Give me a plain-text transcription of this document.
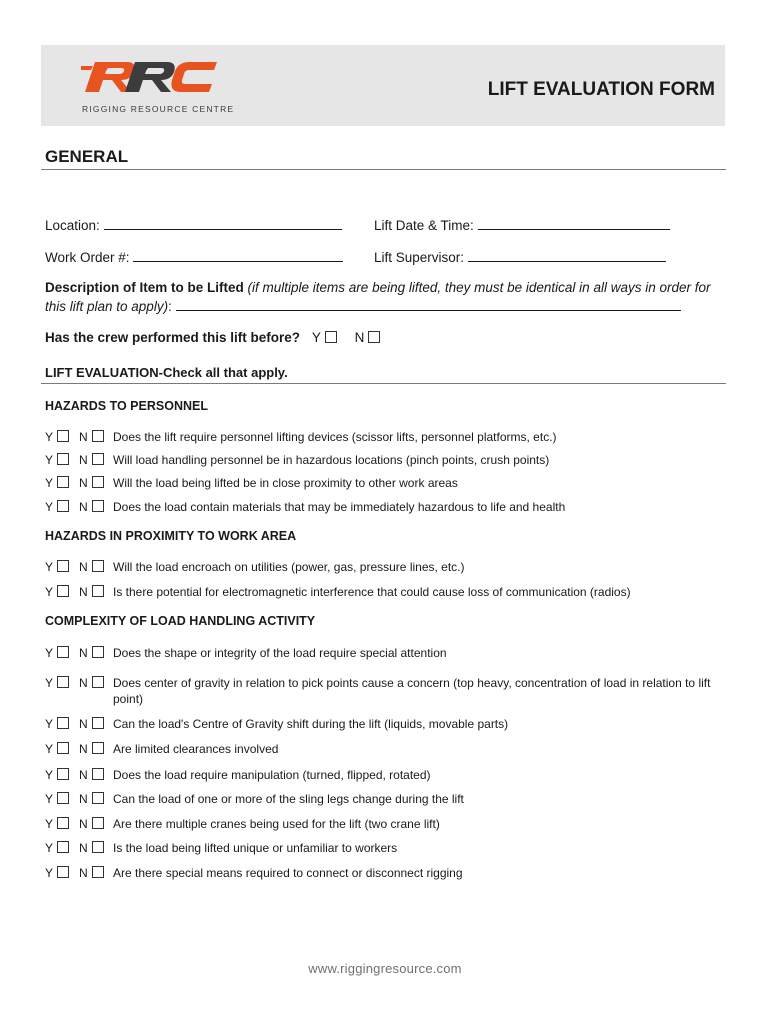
RIGGING RESOURCE CENTRE
LIFT EVALUATION FORM
GENERAL
Location:	Lift Date & Time:
Work Order #:	Lift Supervisor:
Description of Item to be Lifted (if multiple items are being lifted, they must be identical in all ways in order for this lift plan to apply):
Has the crew performed this lift before? Y	N
LIFT EVALUATION-Check all that apply.
HAZARDS TO PERSONNEL
Y N	Does the lift require personnel lifting devices (scissor lifts, personnel platforms, etc.)
Y N	Will load handling personnel be in hazardous locations (pinch points, crush points)
Y N	Will the load being lifted be in close proximity to other work areas
Y N	Does the load contain materials that may be immediately hazardous to life and health
HAZARDS IN PROXIMITY TO WORK AREA
Y N	Will the load encroach on utilities (power, gas, pressure lines, etc.)
Y N	Is there potential for electromagnetic interference that could cause loss of communication (radios)
COMPLEXITY OF LOAD HANDLING ACTIVITY
Y N	Does the shape or integrity of the load require special attention
Y N	Does center of gravity in relation to pick points cause a concern (top heavy, concentration of load in relation to lift point)
Y N	Can the load's Centre of Gravity shift during the lift (liquids, movable parts)
Y N	Are limited clearances involved
Y N	Does the load require manipulation (turned, flipped, rotated)
Y N	Can the load of one or more of the sling legs change during the lift
Y N	Are there multiple cranes being used for the lift (two crane lift)
Y N	Is the load being lifted unique or unfamiliar to workers
Y N	Are there special means required to connect or disconnect rigging
www.riggingresource.com
